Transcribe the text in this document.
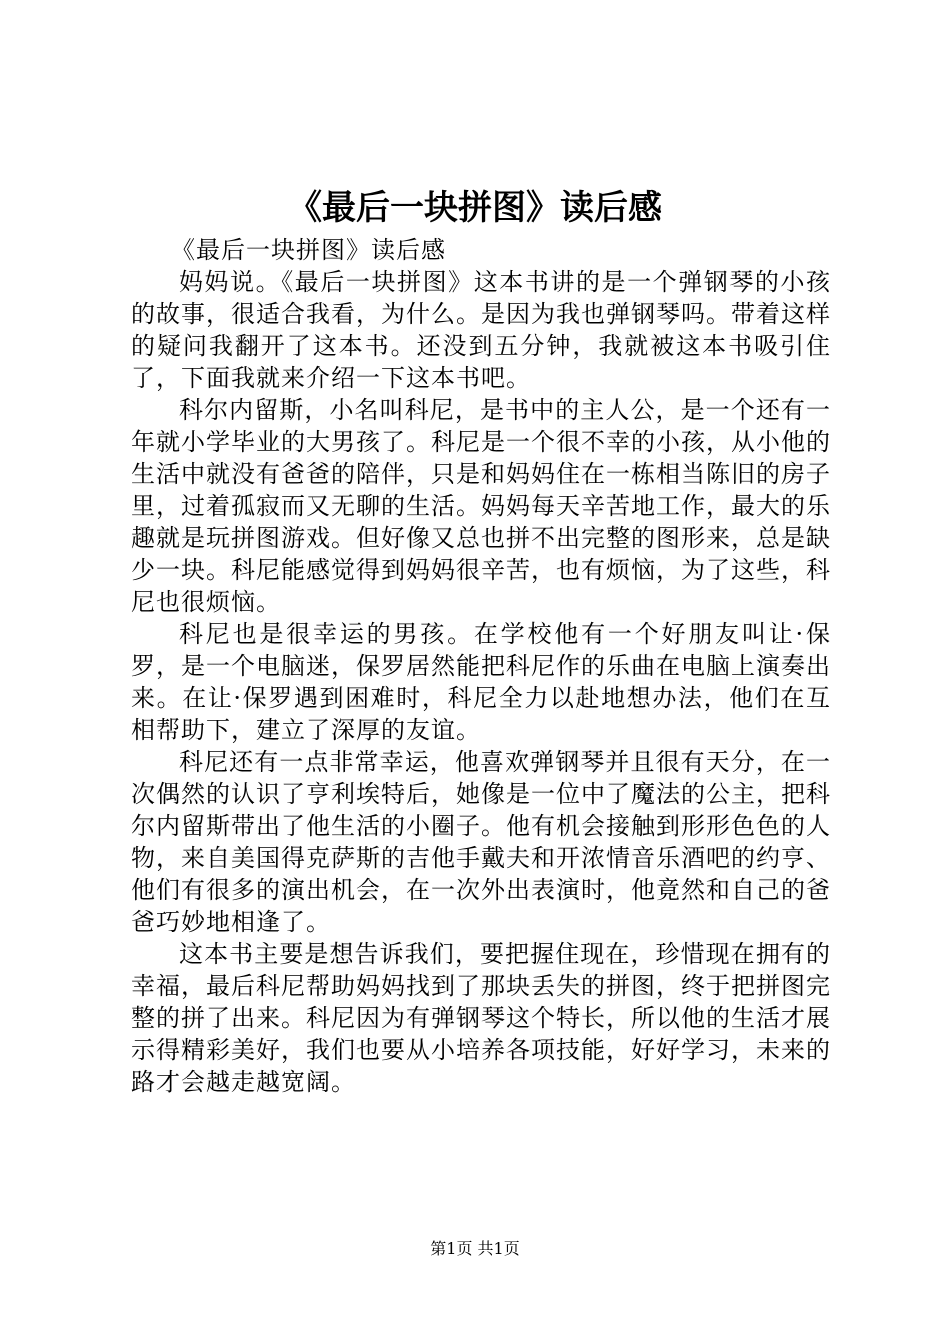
《最后一块拼图》读后感

《最后一块拼图》读后感

妈妈说。《最后一块拼图》这本书讲的是一个弹钢琴的小孩的故事，很适合我看，为什么。是因为我也弹钢琴吗。带着这样的疑问我翻开了这本书。还没到五分钟，我就被这本书吸引住了，下面我就来介绍一下这本书吧。

科尔内留斯，小名叫科尼，是书中的主人公，是一个还有一年就小学毕业的大男孩了。科尼是一个很不幸的小孩，从小他的生活中就没有爸爸的陪伴，只是和妈妈住在一栋相当陈旧的房子里，过着孤寂而又无聊的生活。妈妈每天辛苦地工作，最大的乐趣就是玩拼图游戏。但好像又总也拼不出完整的图形来，总是缺少一块。科尼能感觉得到妈妈很辛苦，也有烦恼，为了这些，科尼也很烦恼。

科尼也是很幸运的男孩。在学校他有一个好朋友叫让·保罗，是一个电脑迷，保罗居然能把科尼作的乐曲在电脑上演奏出来。在让·保罗遇到困难时，科尼全力以赴地想办法，他们在互相帮助下，建立了深厚的友谊。

科尼还有一点非常幸运，他喜欢弹钢琴并且很有天分，在一次偶然的认识了亨利埃特后，她像是一位中了魔法的公主，把科尔内留斯带出了他生活的小圈子。他有机会接触到形形色色的人物，来自美国得克萨斯的吉他手戴夫和开浓情音乐酒吧的约亨、他们有很多的演出机会，在一次外出表演时，他竟然和自己的爸爸巧妙地相逢了。

这本书主要是想告诉我们，要把握住现在，珍惜现在拥有的幸福，最后科尼帮助妈妈找到了那块丢失的拼图，终于把拼图完整的拼了出来。科尼因为有弹钢琴这个特长，所以他的生活才展示得精彩美好，我们也要从小培养各项技能，好好学习，未来的路才会越走越宽阔。

第1页 共1页
